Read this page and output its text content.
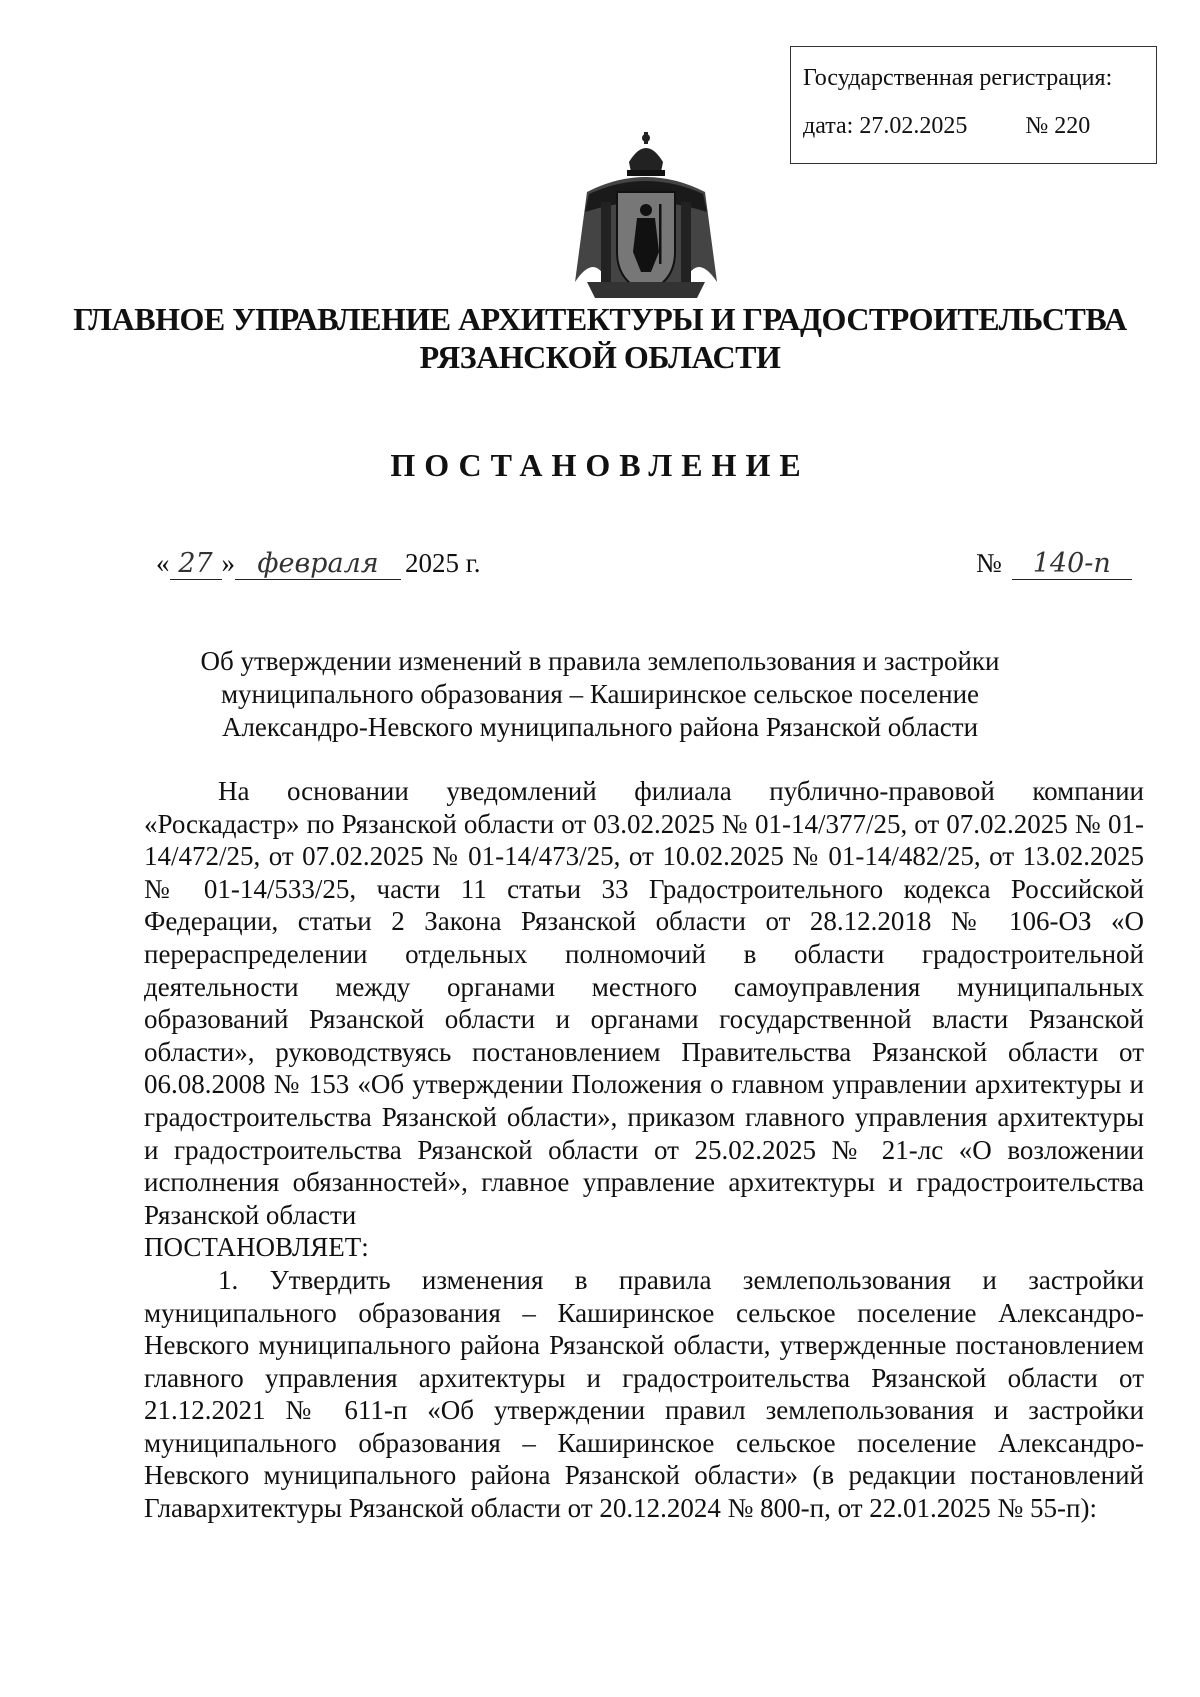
Государственная регистрация:
дата: 27.02.2025 № 220
ГЛАВНОЕ УПРАВЛЕНИЕ АРХИТЕКТУРЫ И ГРАДОСТРОИТЕЛЬСТВА
РЯЗАНСКОЙ ОБЛАСТИ
ПОСТАНОВЛЕНИЕ
« 27 » февраля 2025 г.	№	140-п
Об утверждении изменений в правила землепользования и застройки
муниципального образования – Каширинское сельское поселение
Александро-Невского муниципального района Рязанской области

На основании уведомлений филиала публично-правовой компании «Роскадастр» по Рязанской области от 03.02.2025 № 01-14/377/25, от 07.02.2025 № 01-14/472/25, от 07.02.2025 № 01-14/473/25, от 10.02.2025 № 01-14/482/25, от 13.02.2025 № 01-14/533/25, части 11 статьи 33 Градостроительного кодекса Российской Федерации, статьи 2 Закона Рязанской области от 28.12.2018 № 106-ОЗ «О перераспределении отдельных полномочий в области градостроительной деятельности между органами местного самоуправления муниципальных образований Рязанской области и органами государственной власти Рязанской области», руководствуясь постановлением Правительства Рязанской области от 06.08.2008 № 153 «Об утверждении Положения о главном управлении архитектуры и градостроительства Рязанской области», приказом главного управления архитектуры и градостроительства Рязанской области от 25.02.2025 № 21-лс «О возложении исполнения обязанностей», главное управление архитектуры и градостроительства Рязанской области
ПОСТАНОВЛЯЕТ:

1. Утвердить изменения в правила землепользования и застройки муниципального образования – Каширинское сельское поселение Александро-Невского муниципального района Рязанской области, утвержденные постановлением главного управления архитектуры и градостроительства Рязанской области от 21.12.2021 № 611-п «Об утверждении правил землепользования и застройки муниципального образования – Каширинское сельское поселение Александро-Невского муниципального района Рязанской области» (в редакции постановлений Главархитектуры Рязанской области от 20.12.2024 № 800-п, от 22.01.2025 № 55-п):
